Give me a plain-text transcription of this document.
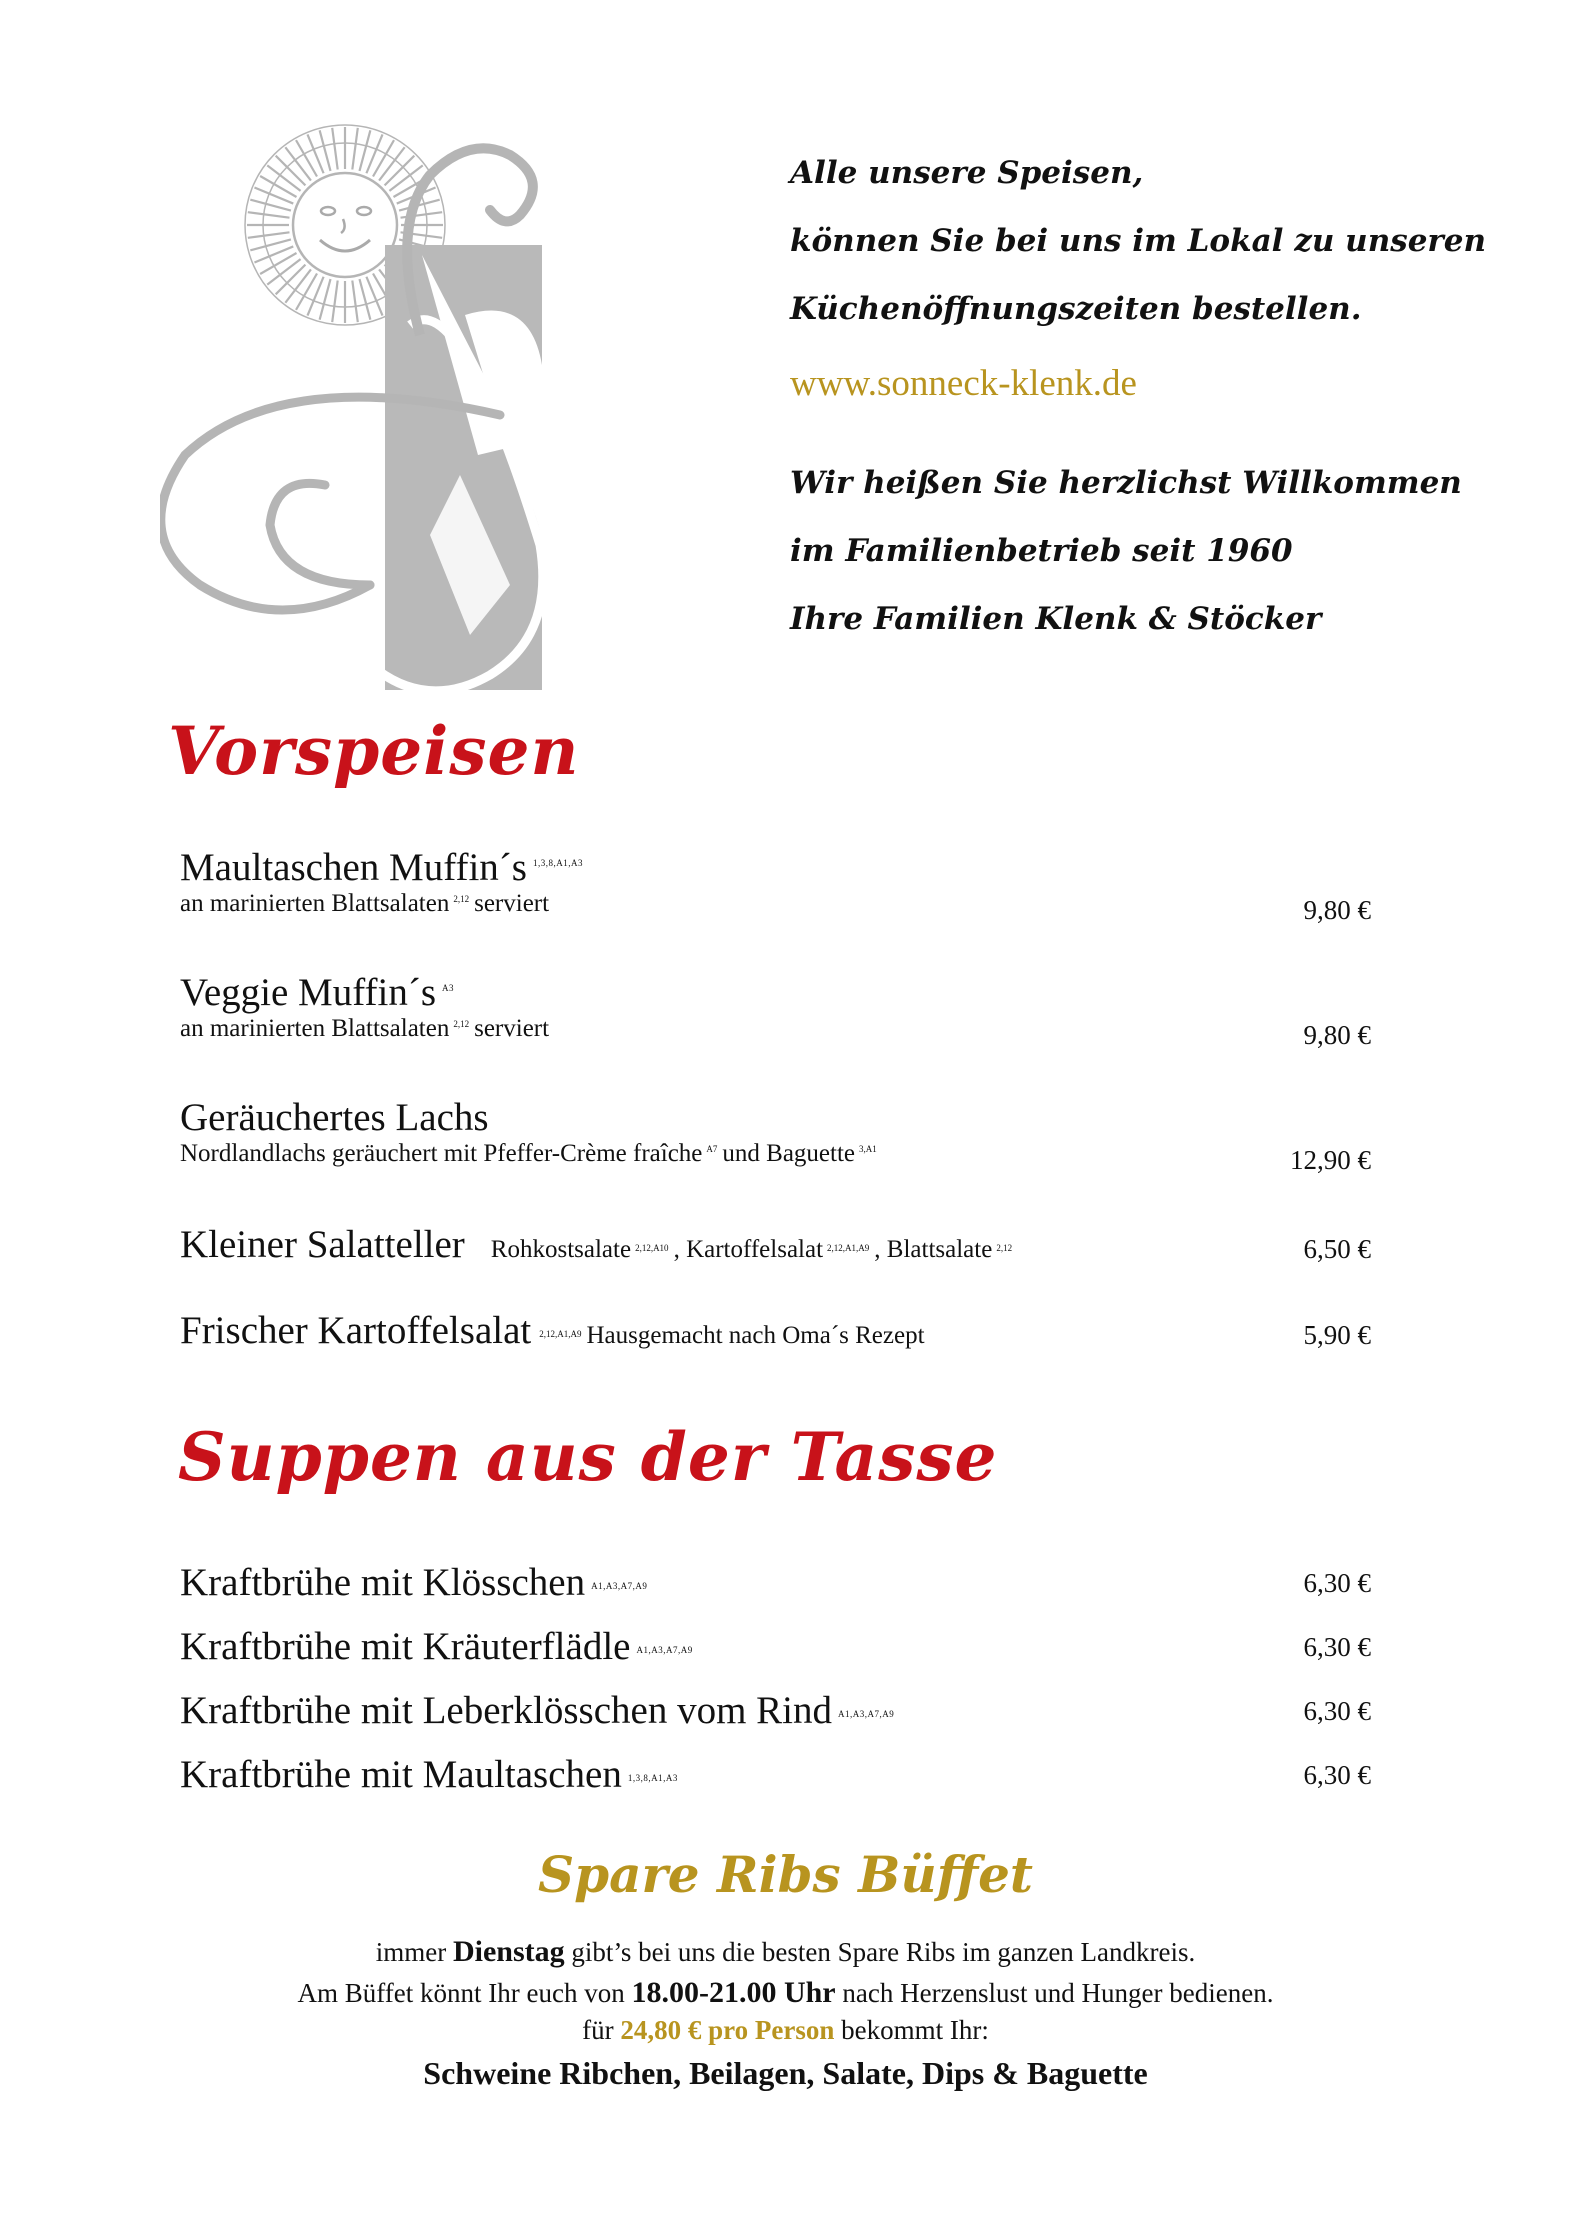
Alle unsere Speisen,
können Sie bei uns im Lokal zu unseren
Küchenöffnungszeiten bestellen.
www.sonneck-klenk.de
Wir heißen Sie herzlichst Willkommen
im Familienbetrieb seit 1960
Ihre Familien Klenk & Stöcker
Vorspeisen
Maultaschen Muffin´s $^{1,3,8,A1,A3}$
an marinierten Blattsalaten $^{2,12}$ serviert	9,80 €
Veggie Muffin´s $^{A3}$
an marinierten Blattsalaten $^{2,12}$ serviert	9,80 €
Geräuchertes Lachs
Nordlandlachs geräuchert mit Pfeffer-Crème fraîche $^{A7}$ und Baguette $^{3,A1}$	12,90 €
Kleiner Salatteller Rohkostsalate $^{2,12,A10}$ , Kartoffelsalat $^{2,12,A1,A9}$ , Blattsalate $^{2,12}$	6,50 €
Frischer Kartoffelsalat $^{2,12,A1,A9}$ Hausgemacht nach Oma´s Rezept	5,90 €
Suppen aus der Tasse
Kraftbrühe mit Klösschen $^{A1,A3,A7,A9}$	6,30 €
Kraftbrühe mit Kräuterflädle $^{A1,A3,A7,A9}$	6,30 €
Kraftbrühe mit Leberklösschen vom Rind $^{A1,A3,A7,A9}$	6,30 €
Kraftbrühe mit Maultaschen $^{1,3,8,A1,A3}$	6,30 €
Spare Ribs Büffet
immer Dienstag gibt’s bei uns die besten Spare Ribs im ganzen Landkreis.
Am Büffet könnt Ihr euch von 18.00-21.00 Uhr nach Herzenslust und Hunger bedienen.
für 24,80 € pro Person bekommt Ihr:
Schweine Ribchen, Beilagen, Salate, Dips & Baguette
